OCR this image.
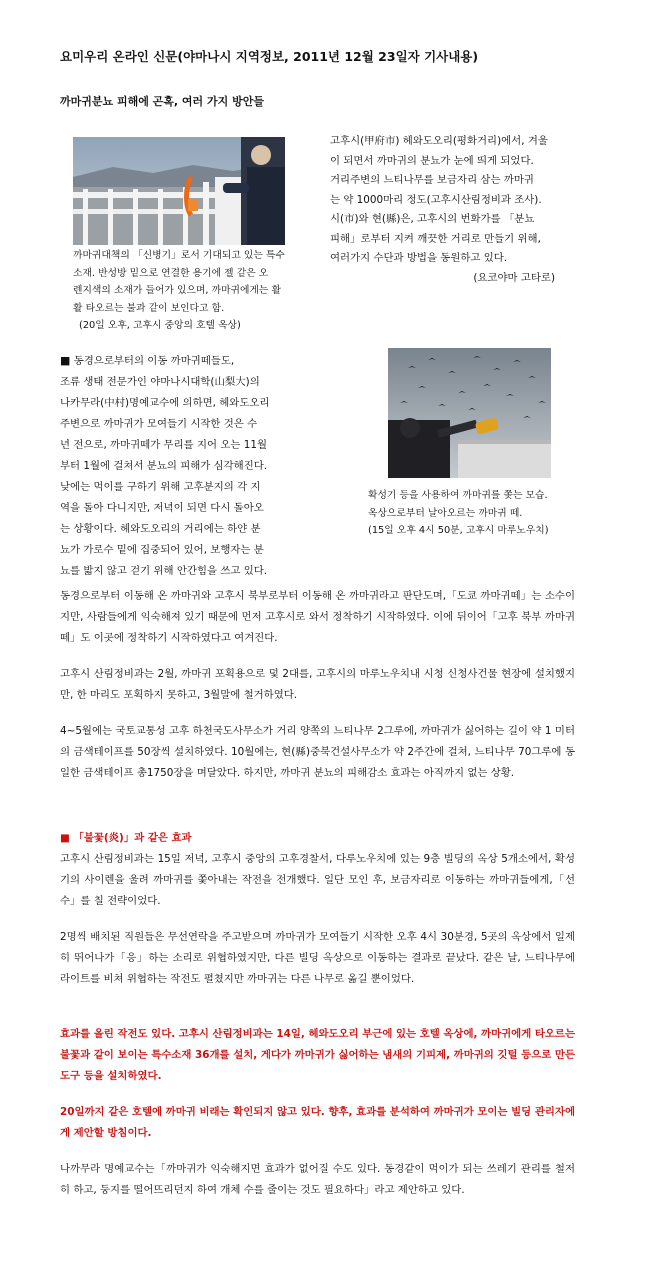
요미우리 온라인 신문(야마나시 지역정보, 2011년 12월 23일자 기사내용)
까마귀분뇨 피해에 곤혹, 여러 가지 방안들
까마귀대책의 「신병기」로서 기대되고 있는 특수
소재. 반성방 밑으로 연결한 용기에 젤 같은 오
렌지색의 소재가 들어가 있으며, 까마귀에게는 활
활 타오르는 불과 같이 보인다고 함.
(20일 오후, 고후시 중앙의 호텔 옥상)
고후시(甲府市) 헤와도오리(평화거리)에서, 겨울
이 되면서 까마귀의 분뇨가 눈에 띄게 되었다.
거리주변의 느티나무를 보금자리 삼는 까마귀
는 약 1000마리 정도(고후시산림정비과 조사).
시(市)와 현(縣)은, 고후시의 번화가를 「분뇨
피해」로부터 지켜 깨끗한 거리로 만들기 위해,
여러가지 수단과 방법을 동원하고 있다.
(요코야마 고타로)
■ 동경으로부터의 이동 까마귀떼들도,
조류 생태 전문가인 야마나시대학(山梨大)의
나카무라(中村)명예교수에 의하면, 헤와도오리
주변으로 까마귀가 모여들기 시작한 것은 수
년 전으로, 까마귀떼가 무리를 지어 오는 11월
부터 1월에 걸쳐서 분뇨의 피해가 심각해진다.
낮에는 먹이를 구하기 위해 고후분지의 각 지
역을 돌아 다니지만, 저녁이 되면 다시 돌아오
는 상황이다. 헤와도오리의 거리에는 하얀 분
뇨가 가로수 밑에 집중되어 있어, 보행자는 분
뇨를 밟지 않고 걷기 위해 안간힘을 쓰고 있다.
확성기 등을 사용하여 까마귀를 쫒는 모습.
옥상으로부터 날아오르는 까마귀 떼.
(15일 오후 4시 50분, 고후시 마루노우치)
동경으로부터 이동해 온 까마귀와 고후시 북부로부터 이동해 온 까마귀라고 판단도며,「도쿄 까마귀떼」는 소수이지만, 사람들에게 익숙해져 있기 때문에 먼저 고후시로 와서 정착하기 시작하였다. 이에 뒤이어「고후 북부 까마귀떼」도 이곳에 정착하기 시작하였다고 여겨진다.
고후시 산림정비과는 2월, 까마귀 포획용으로 덫 2대를, 고후시의 마루노우치내 시청 신청사건물 현장에 설치했지만, 한 마리도 포획하지 못하고, 3월말에 철거하였다.
4~5월에는 국토교통성 고후 하천국도사무소가 거리 양쪽의 느티나무 2그루에, 까마귀가 싫어하는 길이 약 1 미터의 금색테이프를 50장씩 설치하였다. 10월에는, 현(縣)중북건설사무소가 약 2주간에 걸쳐, 느티나무 70그루에 동일한 금색테이프 총1750장을 며달았다. 하지만, 까마귀 분뇨의 피해감소 효과는 아직까지 없는 상황.
■ 「불꽃(炎)」과 같은 효과
고후시 산림정비과는 15일 저녁, 고후시 중앙의 고후경찰서, 다루노우치에 있는 9층 빌딩의 옥상 5개소에서, 확성기의 사이렌을 울려 까마귀를 쫓아내는 작전을 전개했다. 일단 모인 후, 보금자리로 이동하는 까마귀들에게,「선수」를 칠 전략이었다.
2명씩 배치된 직원들은 무선연락을 주고받으며 까마귀가 모여들기 시작한 오후 4시 30분경, 5곳의 옥상에서 일제히 뛰어나가「응」하는 소리로 위협하였지만, 다른 빌딩 옥상으로 이동하는 결과로 끝났다. 같은 날, 느티나무에 라이트를 비쳐 위협하는 작전도 펼쳤지만 까마귀는 다른 나무로 옮길 뿐이었다.
효과를 올린 작전도 있다. 고후시 산림정비과는 14일, 헤와도오리 부근에 있는 호텔 옥상에, 까마귀에게 타오르는 불꽃과 같이 보이는 특수소재 36개를 설치, 게다가 까마귀가 싫어하는 냄새의 기피제, 까마귀의 깃털 등으로 만든 도구 등을 설치하였다.
20일까지 같은 호텔에 까마귀 비래는 확인되지 않고 있다. 향후, 효과를 분석하여 까마귀가 모이는 빌딩 관리자에게 제안할 방침이다.
나까무라 명예교수는「까마귀가 익숙해지면 효과가 없어질 수도 있다. 동경같이 먹이가 되는 쓰레기 관리를 철저히 하고, 둥지를 떨어뜨리던지 하여 개체 수를 줄이는 것도 필요하다」라고 제안하고 있다.
